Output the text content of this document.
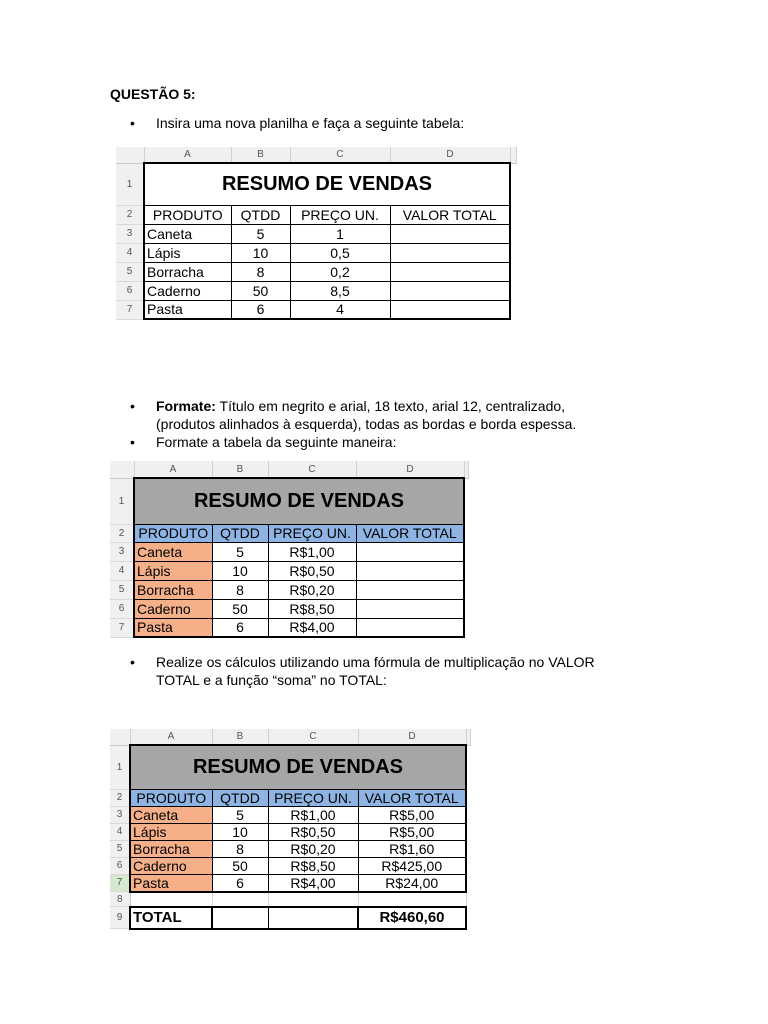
QUESTÃO 5:
• Insira uma nova planilha e faça a seguinte tabela:
	A	B	C	D	
1	RESUMO DE VENDAS				
2	PRODUTO	QTDD	PREÇO UN.	VALOR TOTAL	
3	Caneta	5	1		
4	Lápis	10	0,5		
5	Borracha	8	0,2		
6	Caderno	50	8,5		
7	Pasta	6	4		
• Formate: Título em negrito e arial, 18 texto, arial 12, centralizado,
(produtos alinhados à esquerda), todas as bordas e borda espessa.
• Formate a tabela da seguinte maneira:
	A	B	C	D	
1	RESUMO DE VENDAS				
2	PRODUTO	QTDD	PREÇO UN.	VALOR TOTAL	
3	Caneta	5	R$1,00		
4	Lápis	10	R$0,50		
5	Borracha	8	R$0,20		
6	Caderno	50	R$8,50		
7	Pasta	6	R$4,00		
• Realize os cálculos utilizando uma fórmula de multiplicação no VALOR
TOTAL e a função “soma” no TOTAL:
	A	B	C	D	
1	RESUMO DE VENDAS				
2	PRODUTO	QTDD	PREÇO UN.	VALOR TOTAL	
3	Caneta	5	R$1,00	R$5,00	
4	Lápis	10	R$0,50	R$5,00	
5	Borracha	8	R$0,20	R$1,60	
6	Caderno	50	R$8,50	R$425,00	
7	Pasta	6	R$4,00	R$24,00	
8					
9	TOTAL			R$460,60	
